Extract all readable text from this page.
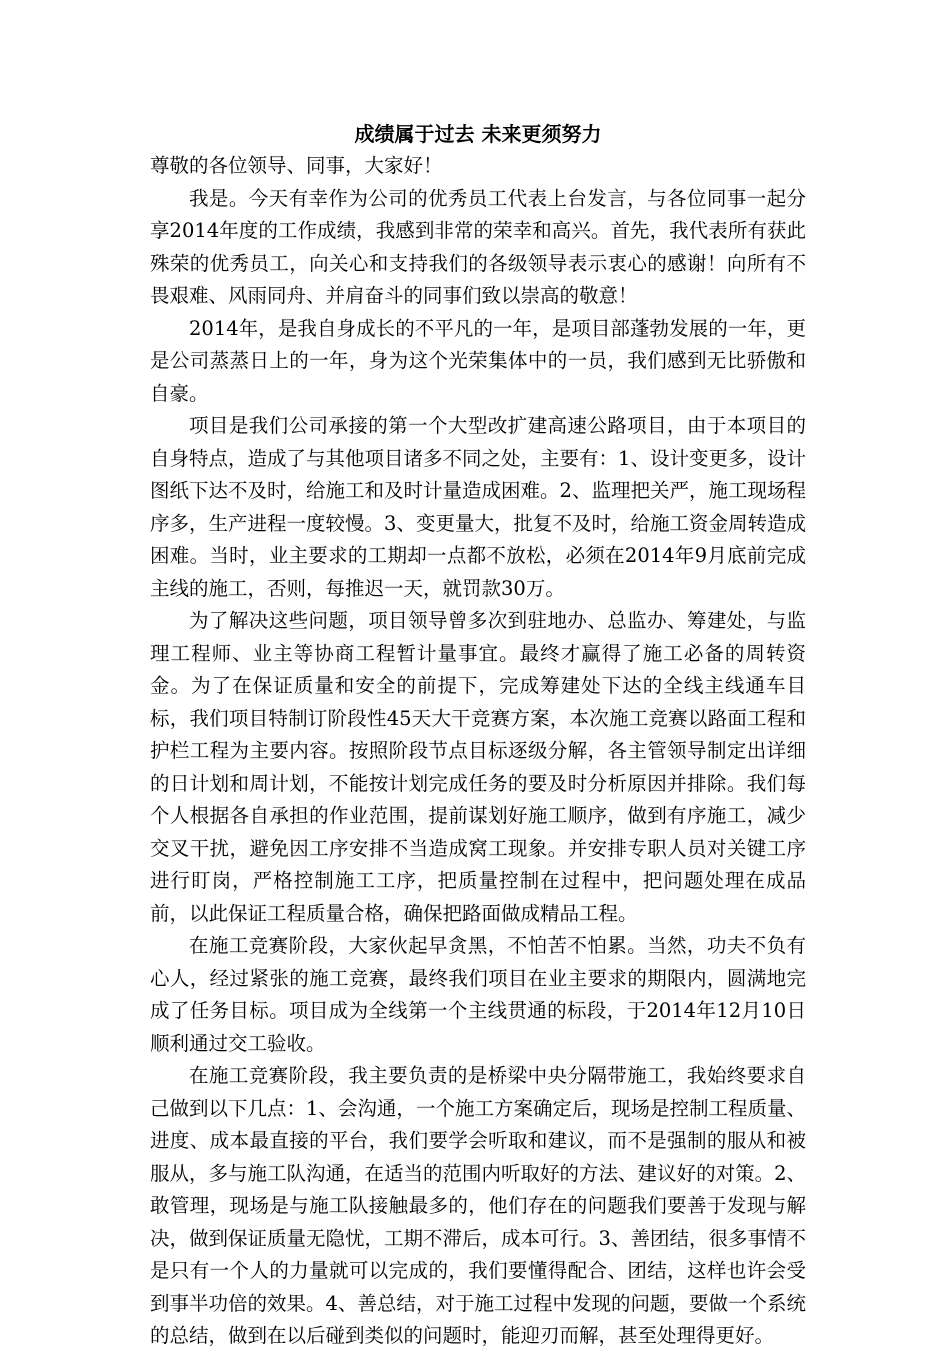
成绩属于过去 未来更须努力

尊敬的各位领导、同事，大家好！

我是。今天有幸作为公司的优秀员工代表上台发言，与各位同事一起分享2014年度的工作成绩，我感到非常的荣幸和高兴。首先，我代表所有获此殊荣的优秀员工，向关心和支持我们的各级领导表示衷心的感谢！向所有不畏艰难、风雨同舟、并肩奋斗的同事们致以崇高的敬意！

2014年，是我自身成长的不平凡的一年，是项目部蓬勃发展的一年，更是公司蒸蒸日上的一年，身为这个光荣集体中的一员，我们感到无比骄傲和自豪。

项目是我们公司承接的第一个大型改扩建高速公路项目，由于本项目的自身特点，造成了与其他项目诸多不同之处，主要有：1、设计变更多，设计图纸下达不及时，给施工和及时计量造成困难。2、监理把关严，施工现场程序多，生产进程一度较慢。3、变更量大，批复不及时，给施工资金周转造成困难。当时，业主要求的工期却一点都不放松，必须在2014年9月底前完成主线的施工，否则，每推迟一天，就罚款30万。

为了解决这些问题，项目领导曾多次到驻地办、总监办、筹建处，与监理工程师、业主等协商工程暂计量事宜。最终才赢得了施工必备的周转资金。为了在保证质量和安全的前提下，完成筹建处下达的全线主线通车目标，我们项目特制订阶段性45天大干竞赛方案，本次施工竞赛以路面工程和护栏工程为主要内容。按照阶段节点目标逐级分解，各主管领导制定出详细的日计划和周计划，不能按计划完成任务的要及时分析原因并排除。我们每个人根据各自承担的作业范围，提前谋划好施工顺序，做到有序施工，减少交叉干扰，避免因工序安排不当造成窝工现象。并安排专职人员对关键工序进行盯岗，严格控制施工工序，把质量控制在过程中，把问题处理在成品前，以此保证工程质量合格，确保把路面做成精品工程。

在施工竞赛阶段，大家伙起早贪黑，不怕苦不怕累。当然，功夫不负有心人，经过紧张的施工竞赛，最终我们项目在业主要求的期限内，圆满地完成了任务目标。项目成为全线第一个主线贯通的标段，于2014年12月10日顺利通过交工验收。

在施工竞赛阶段，我主要负责的是桥梁中央分隔带施工，我始终要求自己做到以下几点：1、会沟通，一个施工方案确定后，现场是控制工程质量、进度、成本最直接的平台，我们要学会听取和建议，而不是强制的服从和被服从，多与施工队沟通，在适当的范围内听取好的方法、建议好的对策。2、敢管理，现场是与施工队接触最多的，他们存在的问题我们要善于发现与解决，做到保证质量无隐忧，工期不滞后，成本可行。3、善团结，很多事情不是只有一个人的力量就可以完成的，我们要懂得配合、团结，这样也许会受到事半功倍的效果。4、善总结，对于施工过程中发现的问题，要做一个系统的总结，做到在以后碰到类似的问题时，能迎刃而解，甚至处理得更好。
